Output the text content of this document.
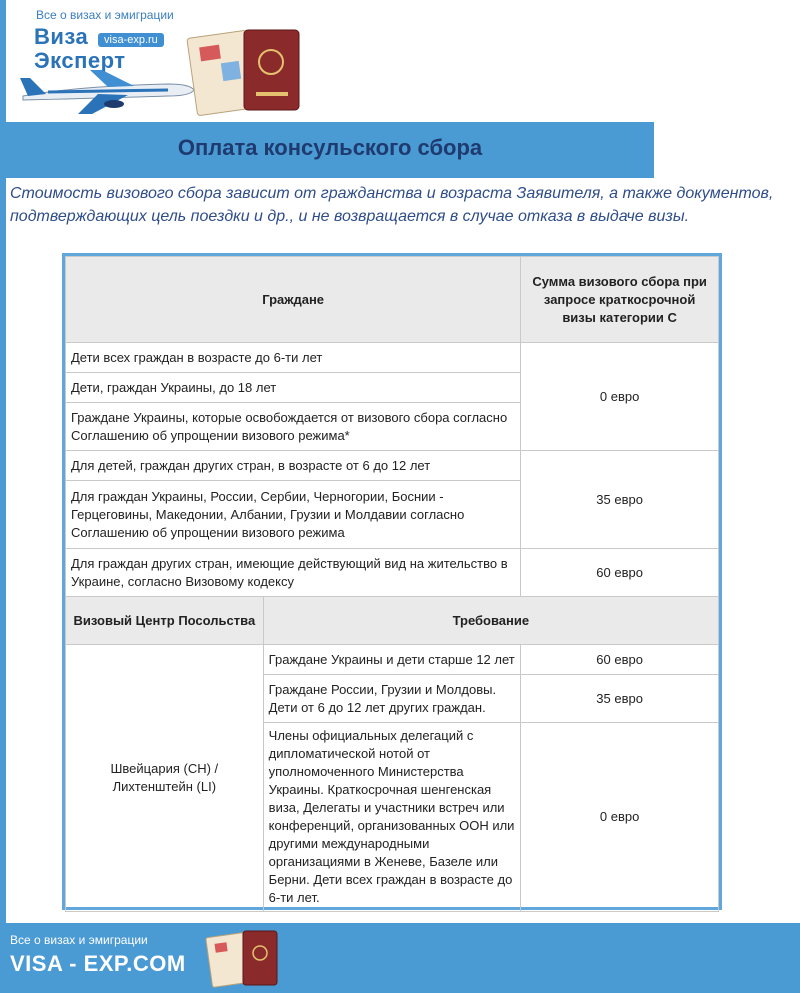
Все о визах и эмиграции
Виза	visa-exp.ru
Эксперт
Оплата консульского сбора

Стоимость визового сбора зависит от гражданства и возраста Заявителя, а также документов, подтверждающих цель поездки и др., и не возвращается в случае отказа в выдаче визы.

Граждане		Сумма визового сбора при запросе краткосрочной визы категории С
Дети всех граждан в возрасте до 6-ти лет		0 евро
Дети, граждан Украины, до 18 лет		
Граждане Украины, которые освобождается от визового сбора согласно Соглашению об упрощении визового режима*		
Для детей, граждан других стран, в возрасте от 6 до 12 лет		35 евро
Для граждан Украины, России, Сербии, Черногории, Боснии - Герцеговины, Македонии, Албании, Грузии и Молдавии согласно Соглашению об упрощении визового режима		
Для граждан других стран, имеющие действующий вид на жительство в Украине, согласно Визовому кодексу		60 евро
Визовый Центр Посольства	Требование	
Швейцария (CH) / Лихтенштейн (LI)	Граждане Украины и дети старше 12 лет	60 евро
	Граждане России, Грузии и Молдовы. Дети от 6 до 12 лет других граждан.	35 евро
	Члены официальных делегаций с дипломатической нотой от уполномоченного Министерства Украины. Краткосрочная шенгенская виза, Делегаты и участники встреч или конференций, организованных ООН или другими международными организациями в Женеве, Базеле или Берни. Дети всех граждан в возрасте до 6-ти лет.	0 евро
Все о визах и эмиграции
VISA - EXP.COM
